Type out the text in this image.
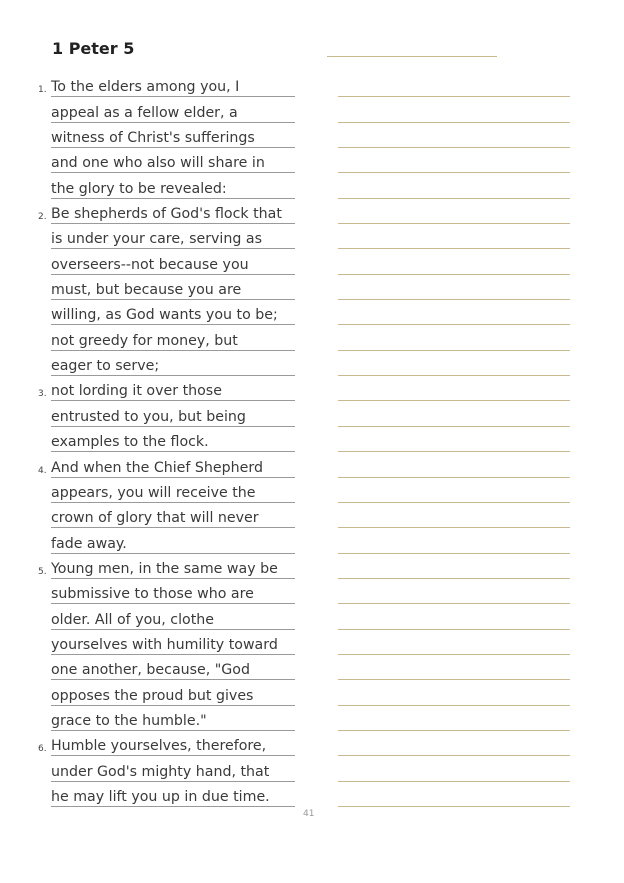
1 Peter 5
1. To the elders among you, I
appeal as a fellow elder, a
witness of Christ's sufferings
and one who also will share in
the glory to be revealed:
2. Be shepherds of God's flock that
is under your care, serving as
overseers--not because you
must, but because you are
willing, as God wants you to be;
not greedy for money, but
eager to serve;
3. not lording it over those
entrusted to you, but being
examples to the flock.
4. And when the Chief Shepherd
appears, you will receive the
crown of glory that will never
fade away.
5. Young men, in the same way be
submissive to those who are
older. All of you, clothe
yourselves with humility toward
one another, because, "God
opposes the proud but gives
grace to the humble."
6. Humble yourselves, therefore,
under God's mighty hand, that
he may lift you up in due time.
41
